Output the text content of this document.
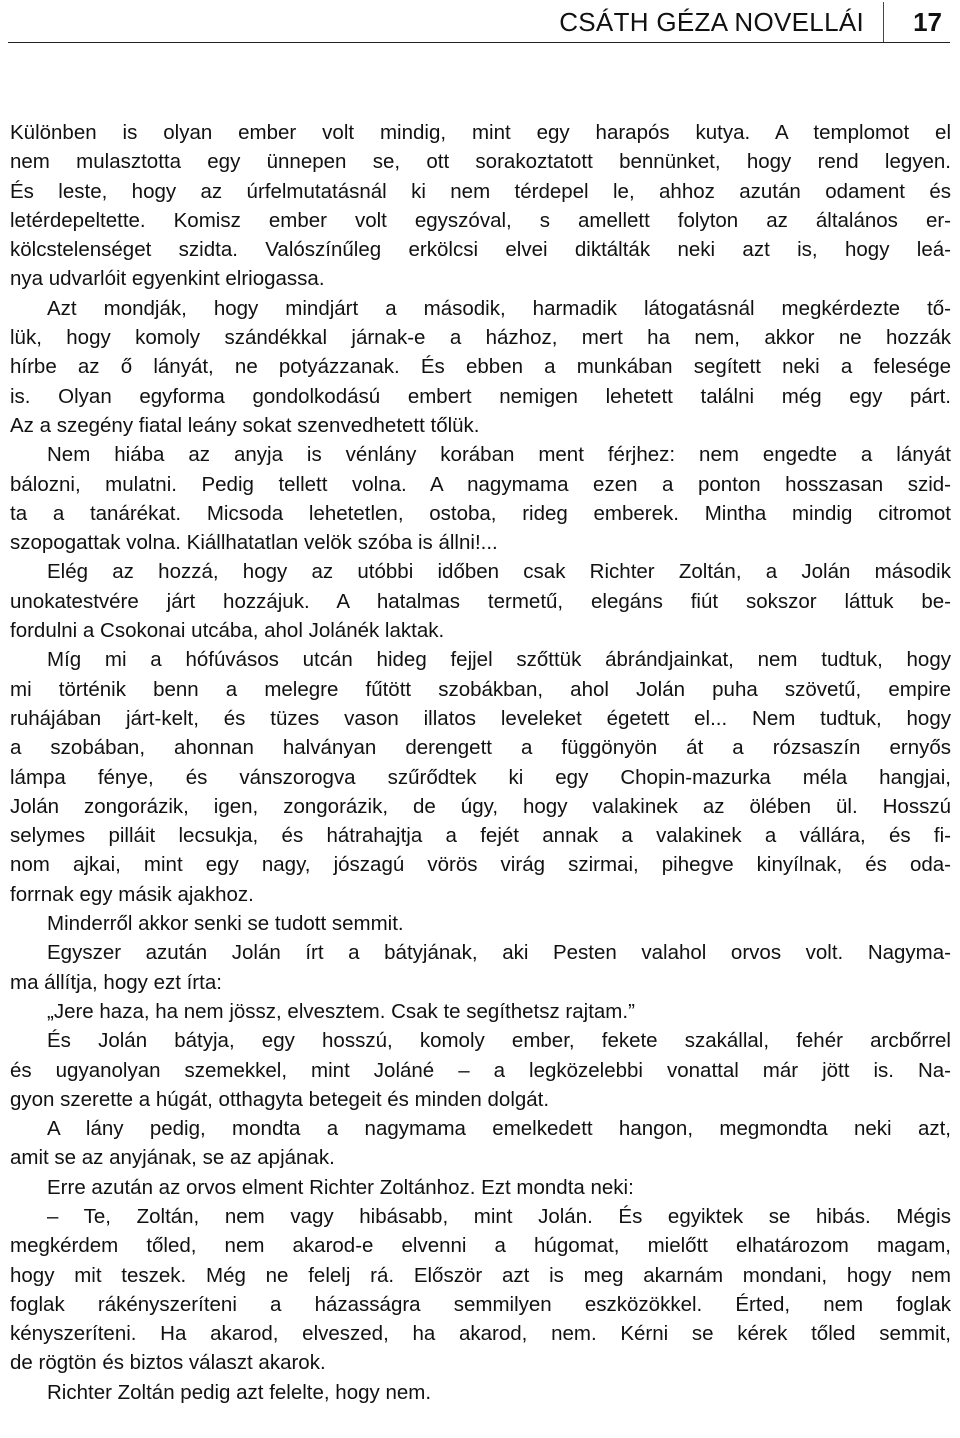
CSÁTH GÉZA NOVELLÁI 17
Különben is olyan ember volt mindig, mint egy harapós kutya. A templomot el
nem mulasztotta egy ünnepen se, ott sorakoztatott bennünket, hogy rend legyen.
És leste, hogy az úrfelmutatásnál ki nem térdepel le, ahhoz azután odament és
letérdepeltette. Komisz ember volt egyszóval, s amellett folyton az általános er-
kölcstelenséget szidta. Valószínűleg erkölcsi elvei diktálták neki azt is, hogy leá-
nya udvarlóit egyenkint elriogassa.
Azt mondják, hogy mindjárt a második, harmadik látogatásnál megkérdezte tő-
lük, hogy komoly szándékkal járnak-e a házhoz, mert ha nem, akkor ne hozzák
hírbe az ő lányát, ne potyázzanak. És ebben a munkában segített neki a felesége
is. Olyan egyforma gondolkodású embert nemigen lehetett találni még egy párt.
Az a szegény fiatal leány sokat szenvedhetett tőlük.
Nem hiába az anyja is vénlány korában ment férjhez: nem engedte a lányát
bálozni, mulatni. Pedig tellett volna. A nagymama ezen a ponton hosszasan szid-
ta a tanárékat. Micsoda lehetetlen, ostoba, rideg emberek. Mintha mindig citromot
szopogattak volna. Kiállhatatlan velök szóba is állni!...
Elég az hozzá, hogy az utóbbi időben csak Richter Zoltán, a Jolán második
unokatestvére járt hozzájuk. A hatalmas termetű, elegáns fiút sokszor láttuk be-
fordulni a Csokonai utcába, ahol Jolánék laktak.
Míg mi a hófúvásos utcán hideg fejjel szőttük ábrándjainkat, nem tudtuk, hogy
mi történik benn a melegre fűtött szobákban, ahol Jolán puha szövetű, empire
ruhájában járt-kelt, és tüzes vason illatos leveleket égetett el... Nem tudtuk, hogy
a szobában, ahonnan halványan derengett a függönyön át a rózsaszín ernyős
lámpa fénye, és vánszorogva szűrődtek ki egy Chopin-mazurka méla hangjai,
Jolán zongorázik, igen, zongorázik, de úgy, hogy valakinek az ölében ül. Hosszú
selymes pilláit lecsukja, és hátrahajtja a fejét annak a valakinek a vállára, és fi-
nom ajkai, mint egy nagy, jószagú vörös virág szirmai, pihegve kinyílnak, és oda-
forrnak egy másik ajakhoz.
Minderről akkor senki se tudott semmit.
Egyszer azután Jolán írt a bátyjának, aki Pesten valahol orvos volt. Nagyma-
ma állítja, hogy ezt írta:
„Jere haza, ha nem jössz, elvesztem. Csak te segíthetsz rajtam.”
És Jolán bátyja, egy hosszú, komoly ember, fekete szakállal, fehér arcbőrrel
és ugyanolyan szemekkel, mint Joláné – a legközelebbi vonattal már jött is. Na-
gyon szerette a húgát, otthagyta betegeit és minden dolgát.
A lány pedig, mondta a nagymama emelkedett hangon, megmondta neki azt,
amit se az anyjának, se az apjának.
Erre azután az orvos elment Richter Zoltánhoz. Ezt mondta neki:
– Te, Zoltán, nem vagy hibásabb, mint Jolán. És egyiktek se hibás. Mégis
megkérdem tőled, nem akarod-e elvenni a húgomat, mielőtt elhatározom magam,
hogy mit teszek. Még ne felelj rá. Először azt is meg akarnám mondani, hogy nem
foglak rákényszeríteni a házasságra semmilyen eszközökkel. Érted, nem foglak
kényszeríteni. Ha akarod, elveszed, ha akarod, nem. Kérni se kérek tőled semmit,
de rögtön és biztos választ akarok.
Richter Zoltán pedig azt felelte, hogy nem.
